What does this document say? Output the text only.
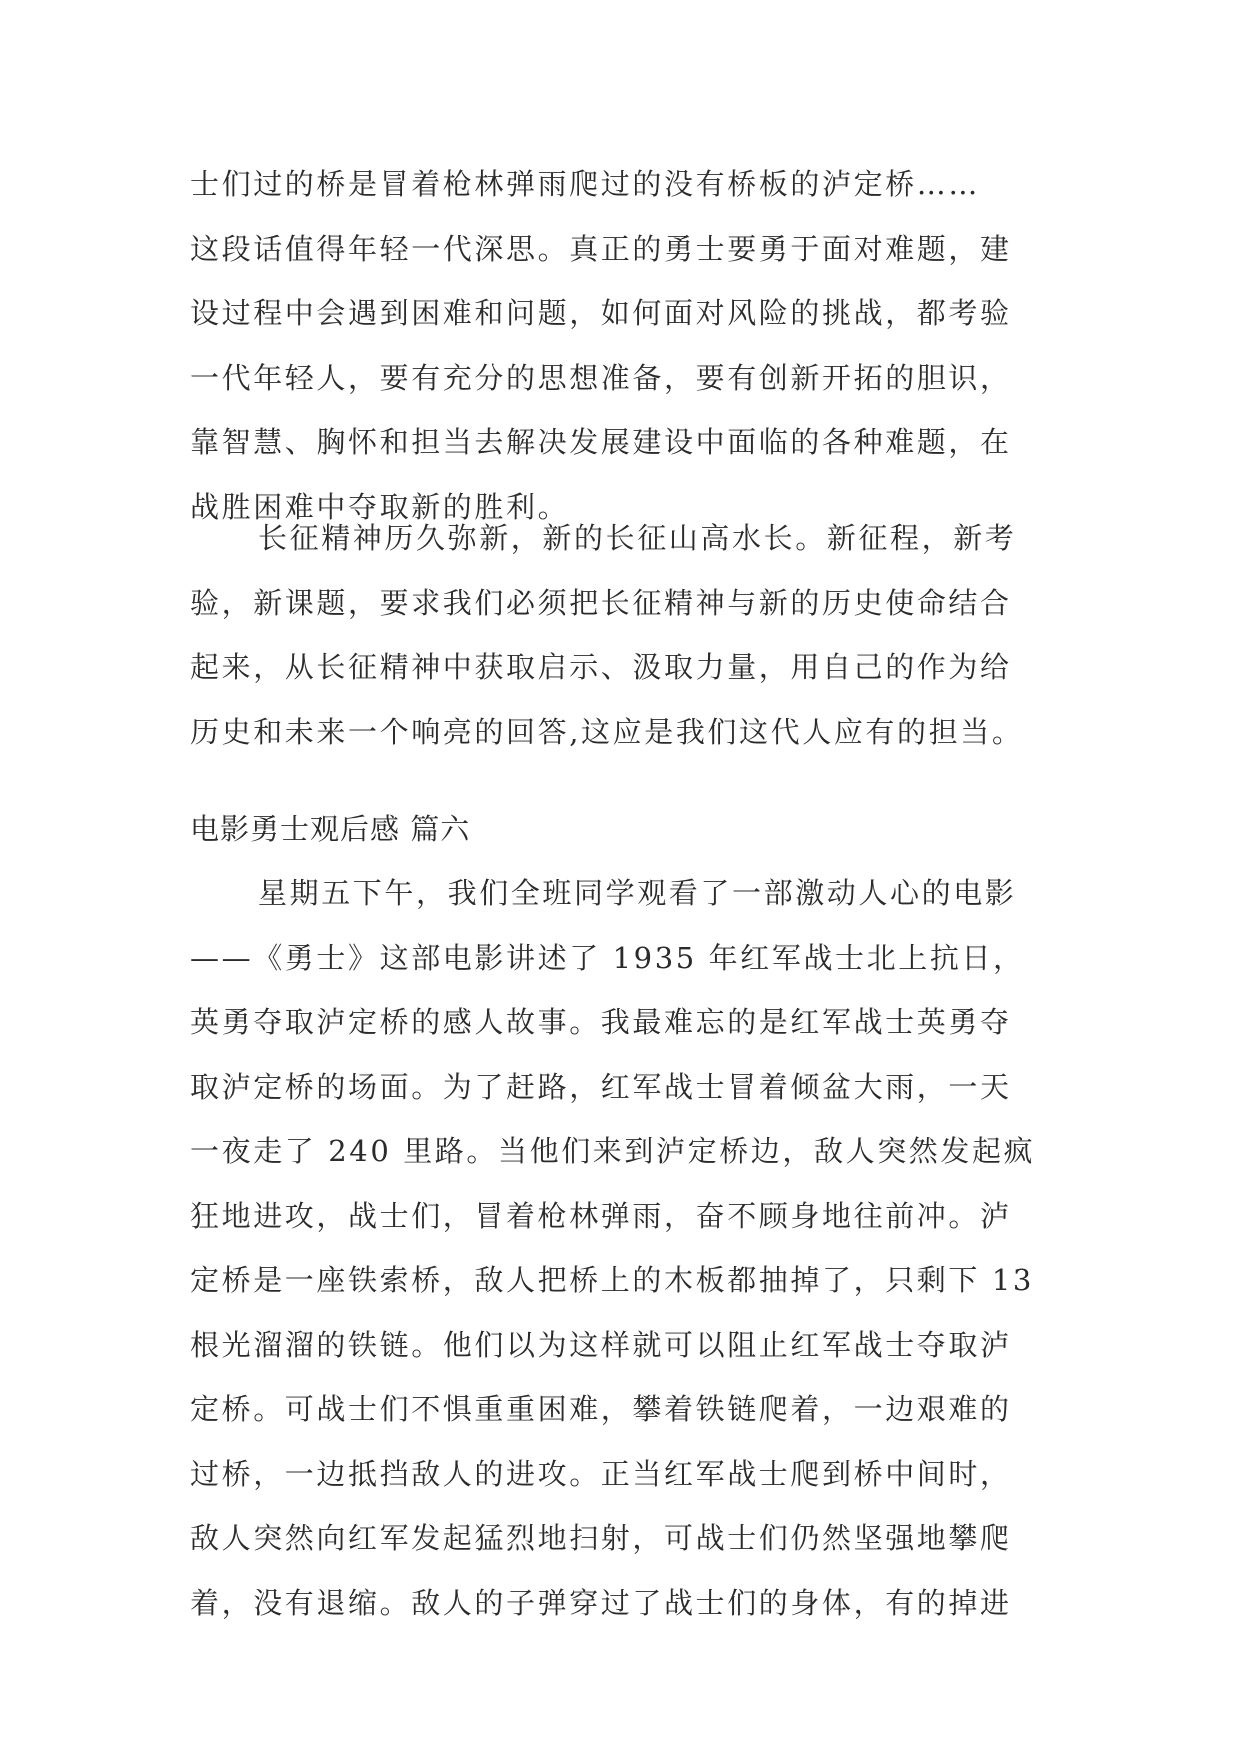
士们过的桥是冒着枪林弹雨爬过的没有桥板的泸定桥……
这段话值得年轻一代深思。真正的勇士要勇于面对难题，建
设过程中会遇到困难和问题，如何面对风险的挑战，都考验
一代年轻人，要有充分的思想准备，要有创新开拓的胆识，
靠智慧、胸怀和担当去解决发展建设中面临的各种难题，在
战胜困难中夺取新的胜利。
长征精神历久弥新，新的长征山高水长。新征程，新考
验，新课题，要求我们必须把长征精神与新的历史使命结合
起来，从长征精神中获取启示、汲取力量，用自己的作为给
历史和未来一个响亮的回答,这应是我们这代人应有的担当。
电影勇士观后感 篇六
星期五下午，我们全班同学观看了一部激动人心的电影
——《勇士》这部电影讲述了 1935 年红军战士北上抗日，
英勇夺取泸定桥的感人故事。我最难忘的是红军战士英勇夺
取泸定桥的场面。为了赶路，红军战士冒着倾盆大雨，一天
一夜走了 240 里路。当他们来到泸定桥边，敌人突然发起疯
狂地进攻，战士们，冒着枪林弹雨，奋不顾身地往前冲。泸
定桥是一座铁索桥，敌人把桥上的木板都抽掉了，只剩下 13
根光溜溜的铁链。他们以为这样就可以阻止红军战士夺取泸
定桥。可战士们不惧重重困难，攀着铁链爬着，一边艰难的
过桥，一边抵挡敌人的进攻。正当红军战士爬到桥中间时，
敌人突然向红军发起猛烈地扫射，可战士们仍然坚强地攀爬
着，没有退缩。敌人的子弹穿过了战士们的身体，有的掉进
